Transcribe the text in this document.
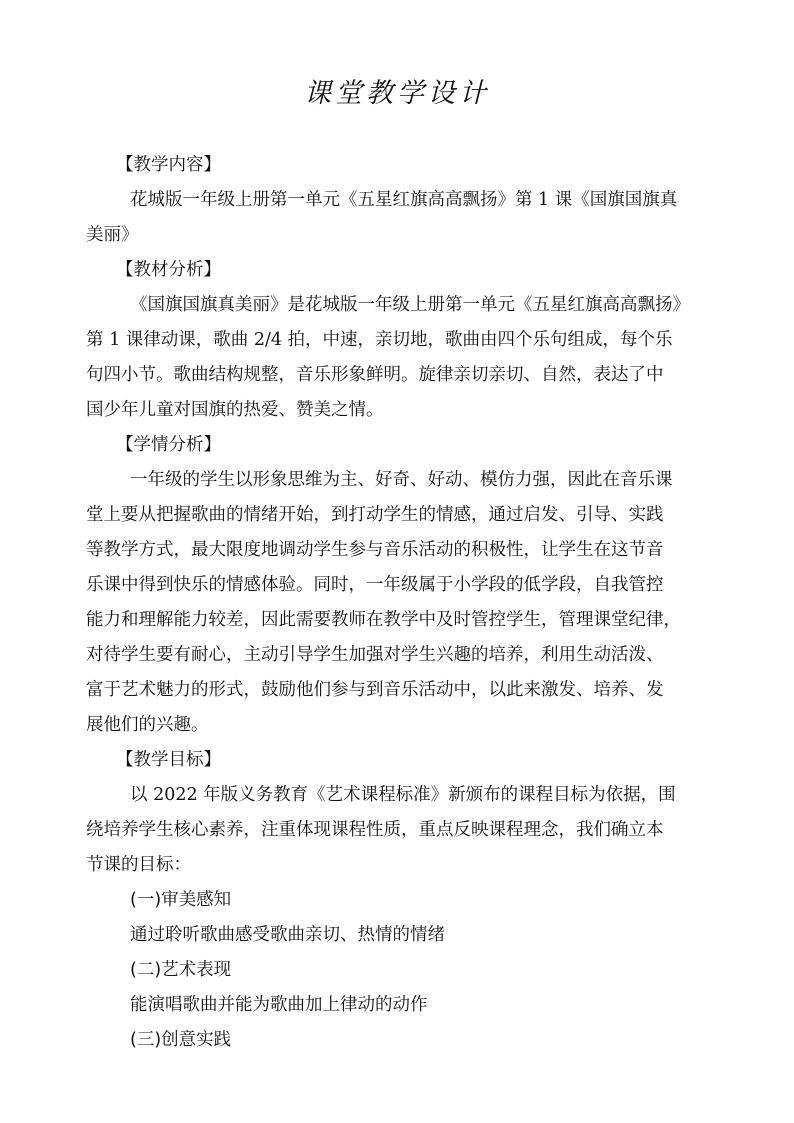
课堂教学设计

【教学内容】

花城版一年级上册第一单元《五星红旗高高飘扬》第 1 课《国旗国旗真

美丽》

【教材分析】

《国旗国旗真美丽》是花城版一年级上册第一单元《五星红旗高高飘扬》

第 1 课律动课，歌曲 2/4 拍，中速，亲切地，歌曲由四个乐句组成，每个乐

句四小节。歌曲结构规整，音乐形象鲜明。旋律亲切亲切、自然，表达了中

国少年儿童对国旗的热爱、赞美之情。

【学情分析】

一年级的学生以形象思维为主、好奇、好动、模仿力强，因此在音乐课

堂上要从把握歌曲的情绪开始，到打动学生的情感，通过启发、引导、实践

等教学方式，最大限度地调动学生参与音乐活动的积极性，让学生在这节音

乐课中得到快乐的情感体验。同时，一年级属于小学段的低学段，自我管控

能力和理解能力较差，因此需要教师在教学中及时管控学生，管理课堂纪律，

对待学生要有耐心，主动引导学生加强对学生兴趣的培养，利用生动活泼、

富于艺术魅力的形式，鼓励他们参与到音乐活动中，以此来激发、培养、发

展他们的兴趣。

【教学目标】

以 2022 年版义务教育《艺术课程标准》新颁布的课程目标为依据，围

绕培养学生核心素养，注重体现课程性质，重点反映课程理念，我们确立本

节课的目标：

(一)审美感知

通过聆听歌曲感受歌曲亲切、热情的情绪

(二)艺术表现

能演唱歌曲并能为歌曲加上律动的动作

(三)创意实践
